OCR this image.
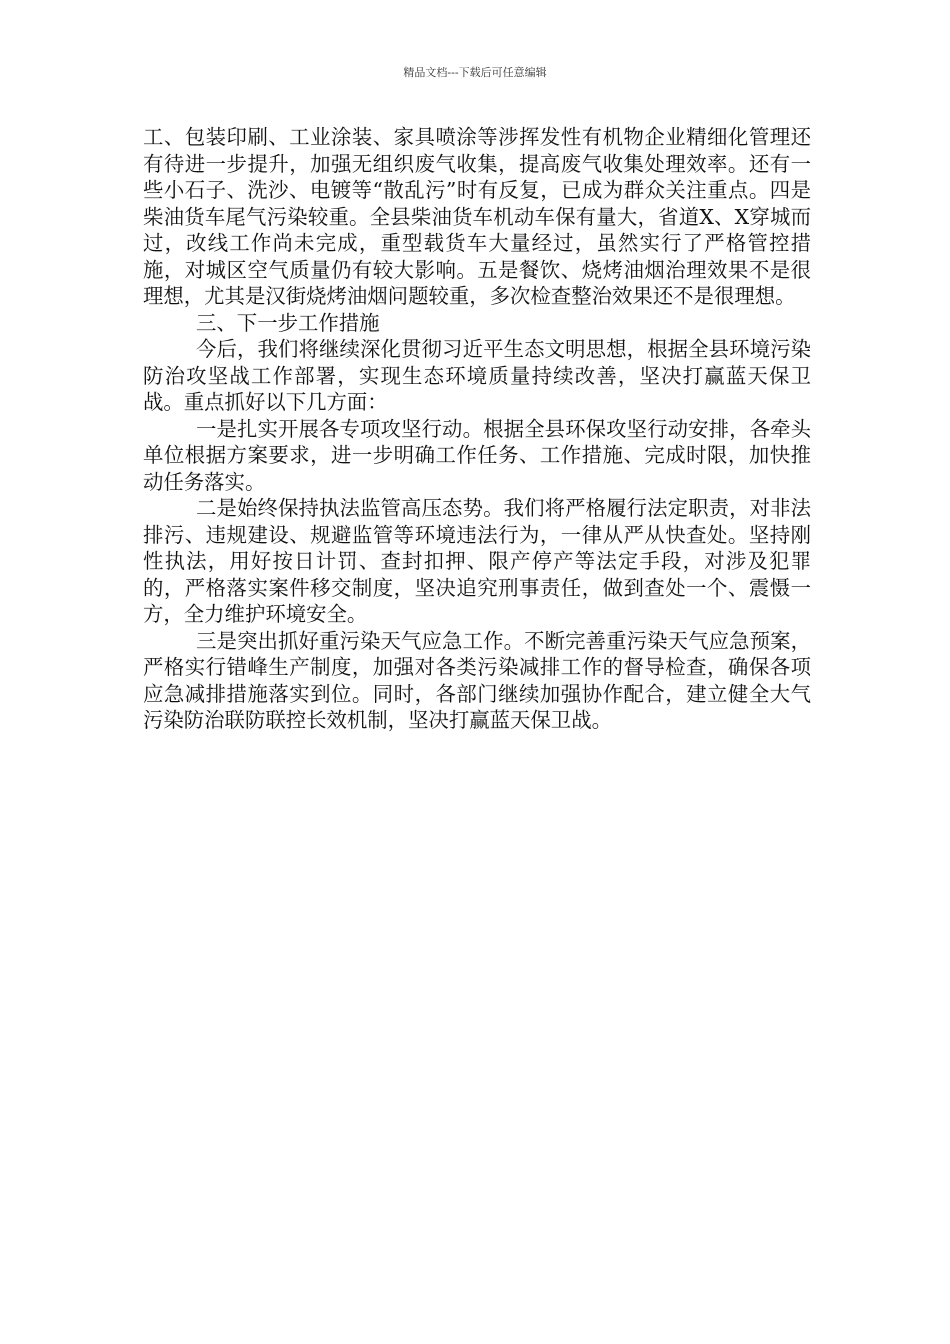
精品文档---下载后可任意编辑

工、包装印刷、工业涂装、家具喷涂等涉挥发性有机物企业精细化管理还有待进一步提升，加强无组织废气收集，提高废气收集处理效率。还有一些小石子、洗沙、电镀等“散乱污”时有反复，已成为群众关注重点。四是柴油货车尾气污染较重。全县柴油货车机动车保有量大，省道X、X穿城而过，改线工作尚未完成，重型载货车大量经过，虽然实行了严格管控措施，对城区空气质量仍有较大影响。五是餐饮、烧烤油烟治理效果不是很理想，尤其是汉街烧烤油烟问题较重，多次检查整治效果还不是很理想。

三、下一步工作措施

今后，我们将继续深化贯彻习近平生态文明思想，根据全县环境污染防治攻坚战工作部署，实现生态环境质量持续改善，坚决打赢蓝天保卫战。重点抓好以下几方面：

一是扎实开展各专项攻坚行动。根据全县环保攻坚行动安排，各牵头单位根据方案要求，进一步明确工作任务、工作措施、完成时限，加快推动任务落实。

二是始终保持执法监管高压态势。我们将严格履行法定职责，对非法排污、违规建设、规避监管等环境违法行为，一律从严从快查处。坚持刚性执法，用好按日计罚、查封扣押、限产停产等法定手段，对涉及犯罪的，严格落实案件移交制度，坚决追究刑事责任，做到查处一个、震慑一方，全力维护环境安全。

三是突出抓好重污染天气应急工作。不断完善重污染天气应急预案，严格实行错峰生产制度，加强对各类污染减排工作的督导检查，确保各项应急减排措施落实到位。同时，各部门继续加强协作配合，建立健全大气污染防治联防联控长效机制，坚决打赢蓝天保卫战。
